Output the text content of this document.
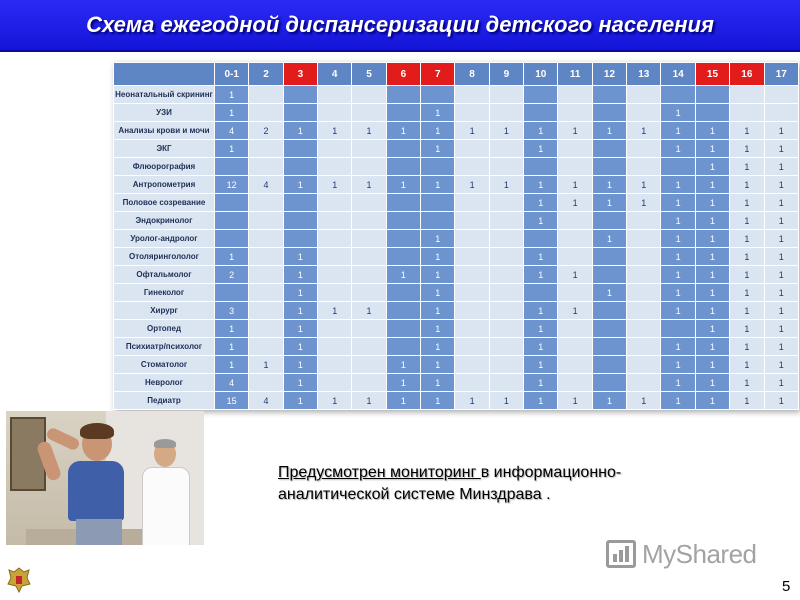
Схема ежегодной диспансеризации детского населения
	0-1	2	3	4	5	6	7	8	9	10	11	12	13	14	15	16	17
Неонатальный скрининг	1																
УЗИ	1						1							1			
Анализы крови и мочи	4	2	1	1	1	1	1	1	1	1	1	1	1	1	1	1	1
ЭКГ	1						1			1				1	1	1	1
Флюорография															1	1	1
Антропометрия	12	4	1	1	1	1	1	1	1	1	1	1	1	1	1	1	1
Половое созревание										1	1	1	1	1	1	1	1
Эндокринолог										1				1	1	1	1
Уролог-андролог							1					1		1	1	1	1
Отолярингололог	1		1				1			1				1	1	1	1
Офтальмолог	2		1			1	1			1	1			1	1	1	1
Гинеколог			1				1					1		1	1	1	1
Хирург	3		1	1	1		1			1	1			1	1	1	1
Ортопед	1		1				1			1					1	1	1
Психиатр/психолог	1		1				1			1				1	1	1	1
Стоматолог	1	1	1			1	1			1				1	1	1	1
Невролог	4		1			1	1			1				1	1	1	1
Педиатр	15	4	1	1	1	1	1	1	1	1	1	1	1	1	1	1	1
Предусмотрен мониторинг в информационно-аналитической системе Минздрава .
MyShared
5
